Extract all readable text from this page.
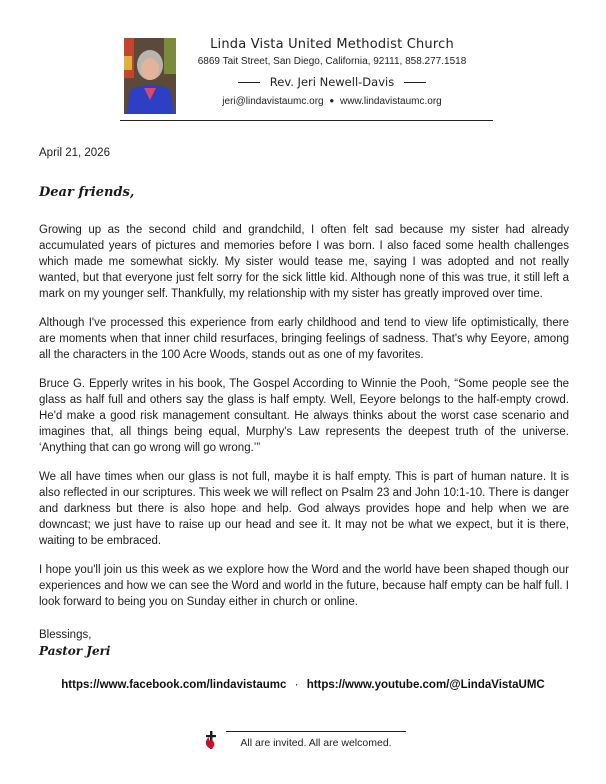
Linda Vista United Methodist Church
6869 Tait Street, San Diego, California, 92111, 858.277.1518
Rev. Jeri Newell-Davis
jeri@lindavistaumc.org ● www.lindavistaumc.org
April 21, 2026
Dear friends,

Growing up as the second child and grandchild, I often felt sad because my sister had already accumulated years of pictures and memories before I was born. I also faced some health challenges which made me somewhat sickly. My sister would tease me, saying I was adopted and not really wanted, but that everyone just felt sorry for the sick little kid. Although none of this was true, it still left a mark on my younger self. Thankfully, my relationship with my sister has greatly improved over time.

Although I've processed this experience from early childhood and tend to view life optimistically, there are moments when that inner child resurfaces, bringing feelings of sadness. That's why Eeyore, among all the characters in the 100 Acre Woods, stands out as one of my favorites.

Bruce G. Epperly writes in his book, The Gospel According to Winnie the Pooh, “Some people see the glass as half full and others say the glass is half empty. Well, Eeyore belongs to the half-empty crowd. He'd make a good risk management consultant. He always thinks about the worst case scenario and imagines that, all things being equal, Murphy's Law represents the deepest truth of the universe. ‘Anything that can go wrong will go wrong.’”

We all have times when our glass is not full, maybe it is half empty. This is part of human nature. It is also reflected in our scriptures. This week we will reflect on Psalm 23 and John 10:1-10. There is danger and darkness but there is also hope and help. God always provides hope and help when we are downcast; we just have to raise up our head and see it. It may not be what we expect, but it is there, waiting to be embraced.

I hope you'll join us this week as we explore how the Word and the world have been shaped though our experiences and how we can see the Word and world in the future, because half empty can be half full. I look forward to being you on Sunday either in church or online.

Blessings,
Pastor Jeri
https://www.facebook.com/lindavistaumc · https://www.youtube.com/@LindaVistaUMC
All are invited. All are welcomed.
